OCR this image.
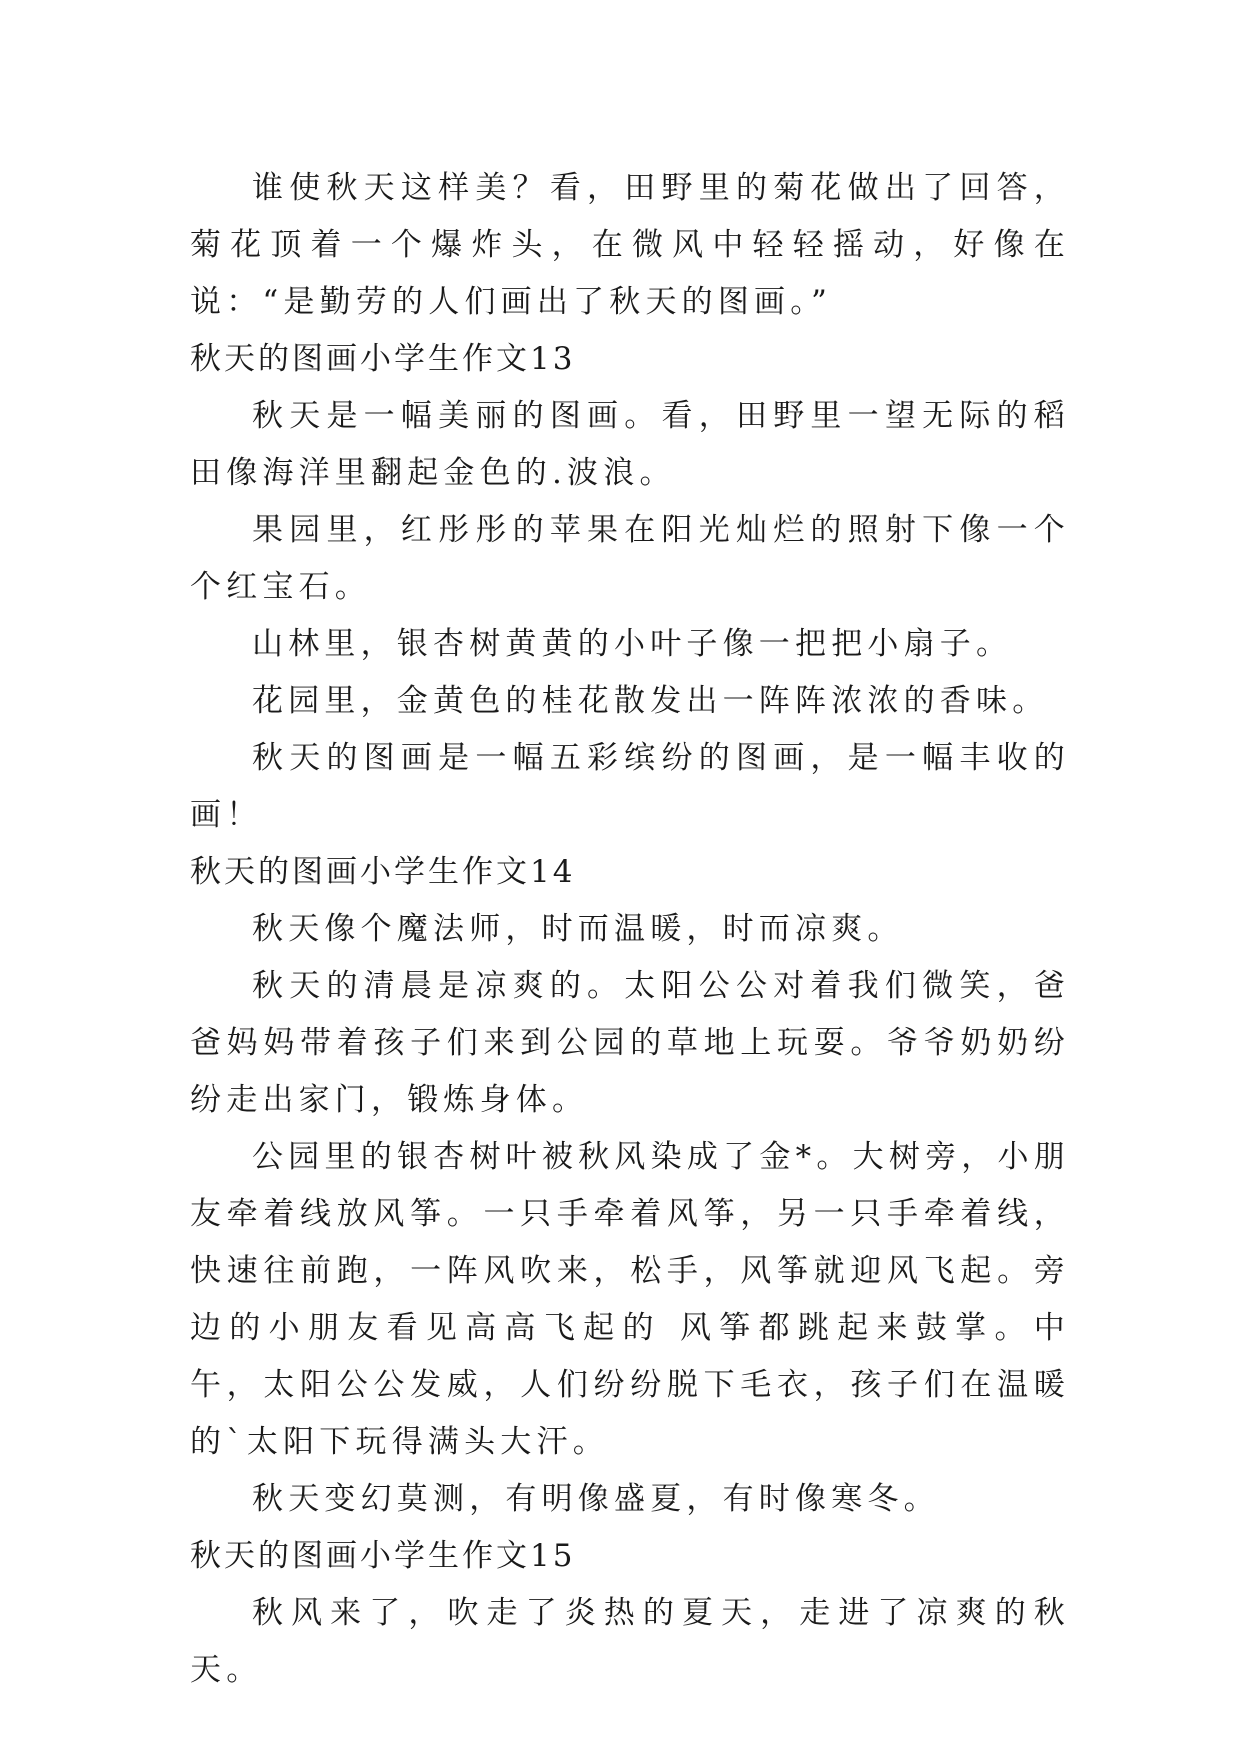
谁使秋天这样美？看，田野里的菊花做出了回答，菊花顶着一个爆炸头，在微风中轻轻摇动，好像在说：“是勤劳的人们画出了秋天的图画。”

秋天的图画小学生作文13

秋天是一幅美丽的图画。看，田野里一望无际的稻田像海洋里翻起金色的.波浪。

果园里，红彤彤的苹果在阳光灿烂的照射下像一个个红宝石。

山林里，银杏树黄黄的小叶子像一把把小扇子。

花园里，金黄色的桂花散发出一阵阵浓浓的香味。

秋天的图画是一幅五彩缤纷的图画，是一幅丰收的画！

秋天的图画小学生作文14

秋天像个魔法师，时而温暖，时而凉爽。

秋天的清晨是凉爽的。太阳公公对着我们微笑，爸爸妈妈带着孩子们来到公园的草地上玩耍。爷爷奶奶纷纷走出家门，锻炼身体。

公园里的银杏树叶被秋风染成了金*。大树旁，小朋友牵着线放风筝。一只手牵着风筝，另一只手牵着线，快速往前跑，一阵风吹来，松手，风筝就迎风飞起。旁边的小朋友看见高高飞起的 风筝都跳起来鼓掌。中午，太阳公公发威，人们纷纷脱下毛衣，孩子们在温暖的`太阳下玩得满头大汗。

秋天变幻莫测，有明像盛夏，有时像寒冬。

秋天的图画小学生作文15

秋风来了，吹走了炎热的夏天，走进了凉爽的秋天。
